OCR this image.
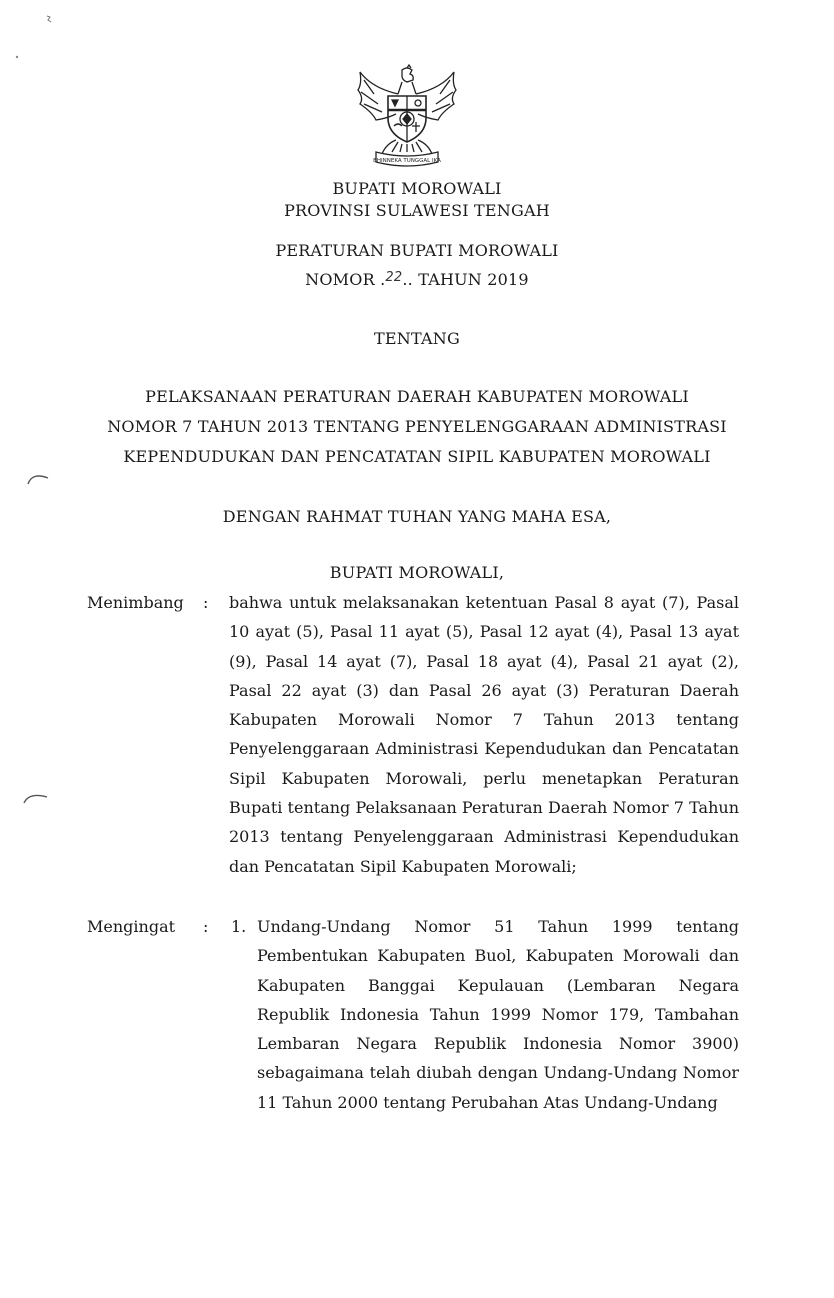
BHINNEKA TUNGGAL IKA
BUPATI MOROWALI
PROVINSI SULAWESI TENGAH
PERATURAN BUPATI MOROWALI
NOMOR .$^{22}$.. TAHUN 2019
TENTANG
PELAKSANAAN PERATURAN DAERAH KABUPATEN MOROWALI
NOMOR 7 TAHUN 2013 TENTANG PENYELENGGARAAN ADMINISTRASI
KEPENDUDUKAN DAN PENCATATAN SIPIL KABUPATEN MOROWALI
DENGAN RAHMAT TUHAN YANG MAHA ESA,
BUPATI MOROWALI,
Menimbang : bahwa untuk melaksanakan ketentuan Pasal 8 ayat (7), Pasal 10 ayat (5), Pasal 11 ayat (5), Pasal 12 ayat (4), Pasal 13 ayat (9), Pasal 14 ayat (7), Pasal 18 ayat (4), Pasal 21 ayat (2), Pasal 22 ayat (3) dan Pasal 26 ayat (3) Peraturan Daerah Kabupaten Morowali Nomor 7 Tahun 2013 tentang Penyelenggaraan Administrasi Kependudukan dan Pencatatan Sipil Kabupaten Morowali, perlu menetapkan Peraturan Bupati tentang Pelaksanaan Peraturan Daerah Nomor 7 Tahun 2013 tentang Penyelenggaraan Administrasi Kependudukan dan Pencatatan Sipil Kabupaten Morowali;
Mengingat : 1. Undang-Undang Nomor 51 Tahun 1999 tentang Pembentukan Kabupaten Buol, Kabupaten Morowali dan Kabupaten Banggai Kepulauan (Lembaran Negara Republik Indonesia Tahun 1999 Nomor 179, Tambahan Lembaran Negara Republik Indonesia Nomor 3900) sebagaimana telah diubah dengan Undang-Undang Nomor 11 Tahun 2000 tentang Perubahan Atas Undang-Undang
